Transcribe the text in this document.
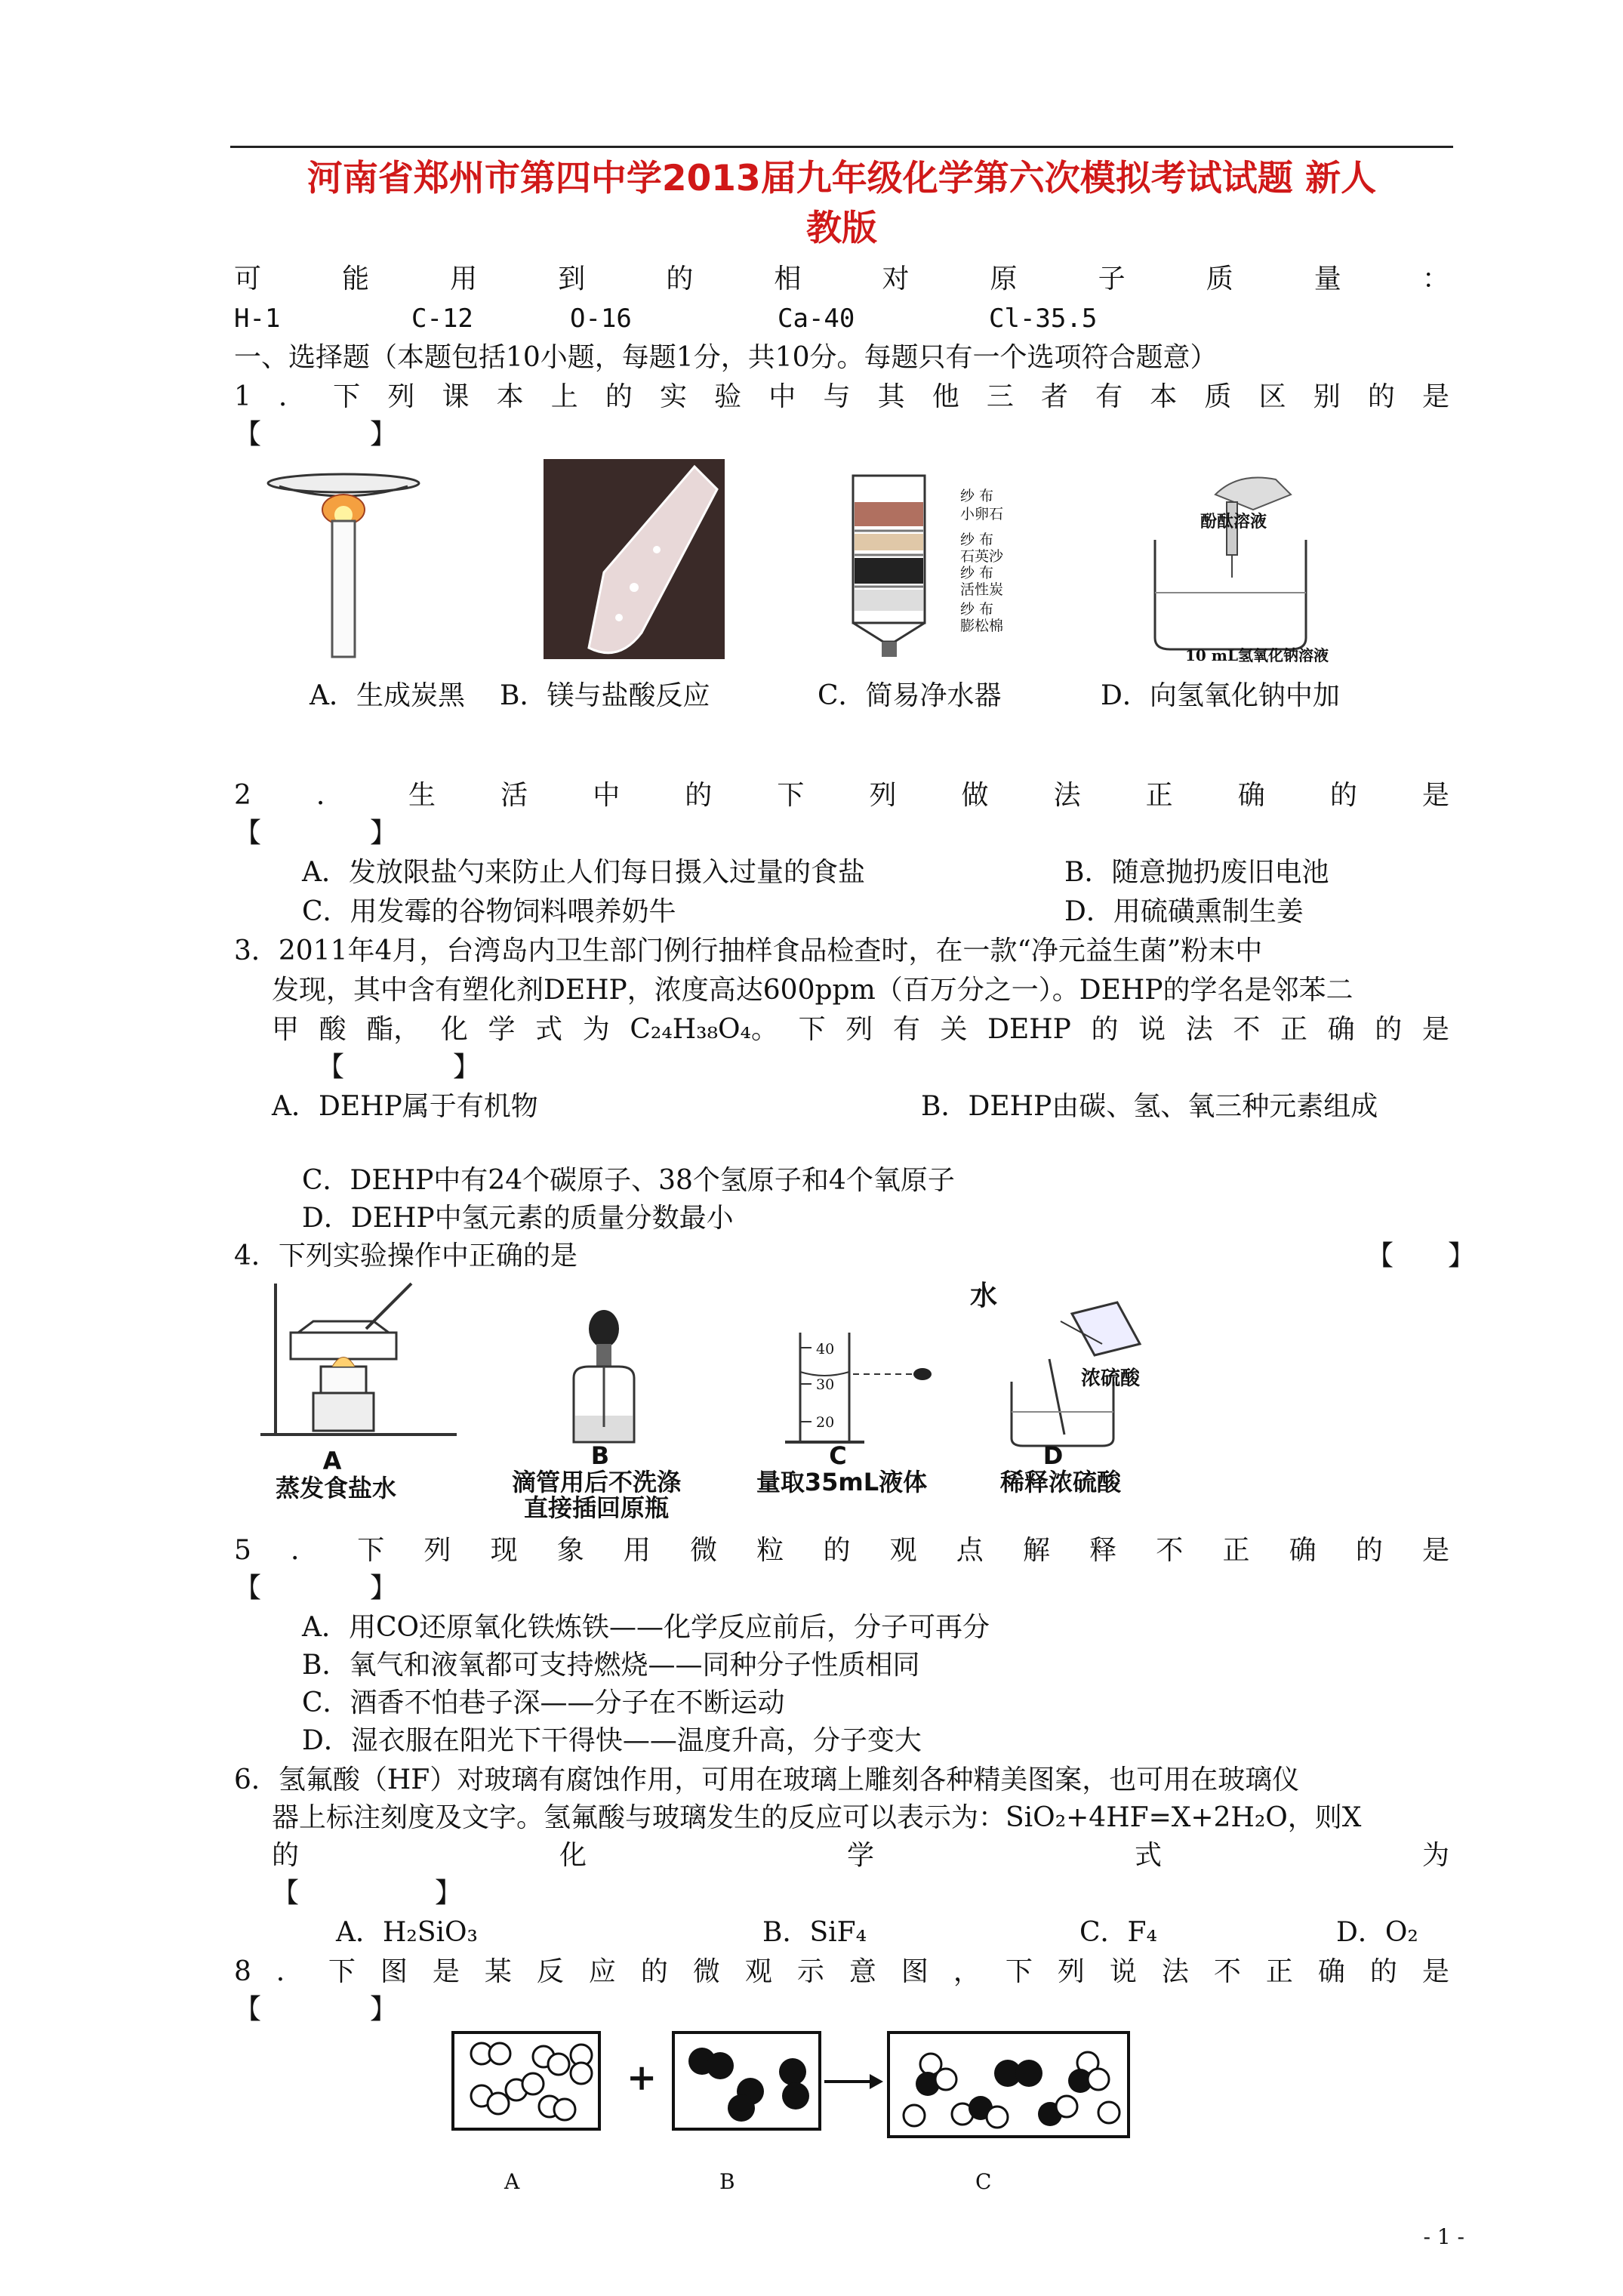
河南省郑州市第四中学2013届九年级化学第六次模拟考试试题 新人
教版
可	能	用	到	的	相	对	原	子	质	量	：
H-1	C-12	O-16	Ca-40	Cl-35.5
一、选择题（本题包括10小题，每题1分，共10分。每题只有一个选项符合题意）
1 ． 下 列 课 本 上 的 实 验 中 与 其 他 三 者 有 本 质 区 别 的 是
【　　　　】
纱 布
小卵石
纱 布
石英沙
纱 布
活性炭
纱 布
膨松棉
酚酞溶液
10 mL氢氧化钠溶液
A．生成炭黑 B．镁与盐酸反应	C．简易净水器	D．向氢氧化钠中加
2 ． 生 活 中 的 下 列 做 法 正 确 的 是
【　　　　】
A．发放限盐勺来防止人们每日摄入过量的食盐	B．随意抛扔废旧电池
C．用发霉的谷物饲料喂养奶牛	D．用硫磺熏制生姜
3．2011年4月，台湾岛内卫生部门例行抽样食品检查时，在一款“净元益生菌”粉末中
发现，其中含有塑化剂DEHP，浓度高达600ppm（百万分之一）。DEHP的学名是邻苯二
甲 酸 酯， 化 学 式 为 C₂₄H₃₈O₄。 下 列 有 关 DEHP 的 说 法 不 正 确 的 是
【　　　　】
A．DEHP属于有机物	B．DEHP由碳、氢、氧三种元素组成
C．DEHP中有24个碳原子、38个氢原子和4个氧原子
D．DEHP中氢元素的质量分数最小
4．下列实验操作中正确的是	【　　】
40
30
20
水
浓硫酸
A	B	C	D
蒸发食盐水	滴管用后不洗涤
直接插回原瓶
量取35mL液体	稀释浓硫酸
5 ． 下 列 现 象 用 微 粒 的 观 点 解 释 不 正 确 的 是
【　　　　】
A．用CO还原氧化铁炼铁——化学反应前后，分子可再分
B．氧气和液氧都可支持燃烧——同种分子性质相同
C．酒香不怕巷子深——分子在不断运动
D．湿衣服在阳光下干得快——温度升高，分子变大
6．氢氟酸（HF）对玻璃有腐蚀作用，可用在玻璃上雕刻各种精美图案，也可用在玻璃仪
器上标注刻度及文字。氢氟酸与玻璃发生的反应可以表示为：SiO₂+4HF=X+2H₂O，则X
的	化	学	式	为
【　　　　　】
A．H₂SiO₃	B．SiF₄	C．F₄	D．O₂
8 ． 下 图 是 某 反 应 的 微 观 示 意 图 ， 下 列 说 法 不 正 确 的 是
【　　　　】
+
A	B	C
- 1 -
